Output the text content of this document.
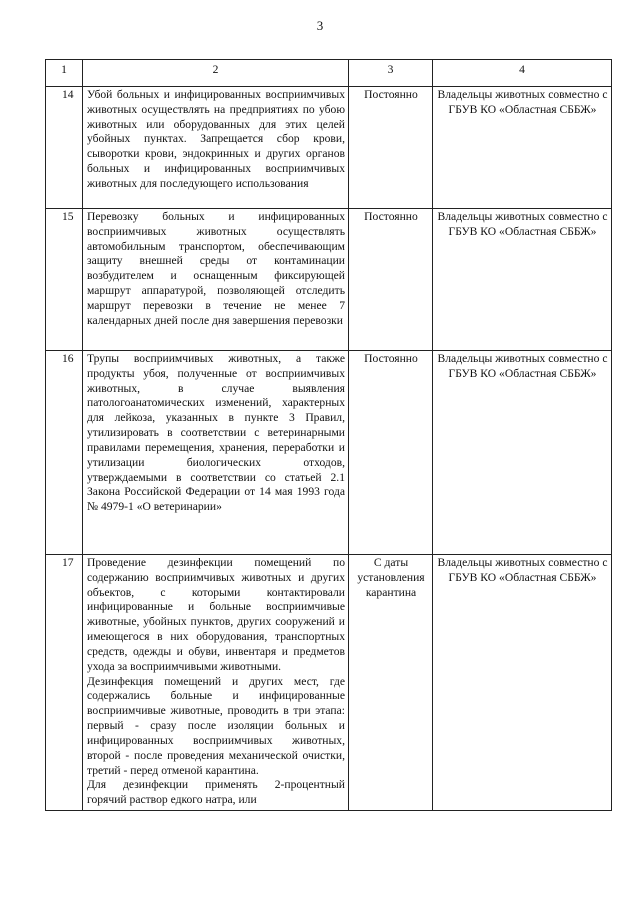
3
1	2	3	4
14	Убой больных и инфицированных восприимчивых животных осуществлять на предприятиях по убою животных или оборудованных для этих целей убойных пунктах. Запрещается сбор крови, сыворотки крови, эндокринных и других органов больных и инфицированных восприимчивых животных для последующего использования	Постоянно	Владельцы животных совместно с ГБУВ КО «Областная СББЖ»
15	Перевозку больных и инфицированных восприимчивых животных осуществлять автомобильным транспортом, обеспечивающим защиту внешней среды от контаминации возбудителем и оснащенным фиксирующей маршрут аппаратурой, позволяющей отследить маршрут перевозки в течение не менее 7 календарных дней после дня завершения перевозки	Постоянно	Владельцы животных совместно с ГБУВ КО «Областная СББЖ»
16	Трупы восприимчивых животных, а также продукты убоя, полученные от восприимчивых животных, в случае выявления патологоанатомических изменений, характерных для лейкоза, указанных в пункте 3 Правил, утилизировать в соответствии с ветеринарными правилами перемещения, хранения, переработки и утилизации биологических отходов, утверждаемыми в соответствии со статьей 2.1 Закона Российской Федерации от 14 мая 1993 года № 4979-1 «О ветеринарии»	Постоянно	Владельцы животных совместно с ГБУВ КО «Областная СББЖ»
17	Проведение дезинфекции помещений по содержанию восприимчивых животных и других объектов, с которыми контактировали инфицированные и больные восприимчивые животные, убойных пунктов, других сооружений и имеющегося в них оборудования, транспортных средств, одежды и обуви, инвентаря и предметов ухода за восприимчивыми животными.

Дезинфекция помещений и других мест, где содержались больные и инфицированные восприимчивые животные, проводить в три этапа: первый - сразу после изоляции больных и инфицированных восприимчивых животных, второй - после проведения механической очистки, третий - перед отменой карантина.

Для дезинфекции применять 2-процентный горячий раствор едкого натра, или	С даты установления карантина	Владельцы животных совместно с ГБУВ КО «Областная СББЖ»
